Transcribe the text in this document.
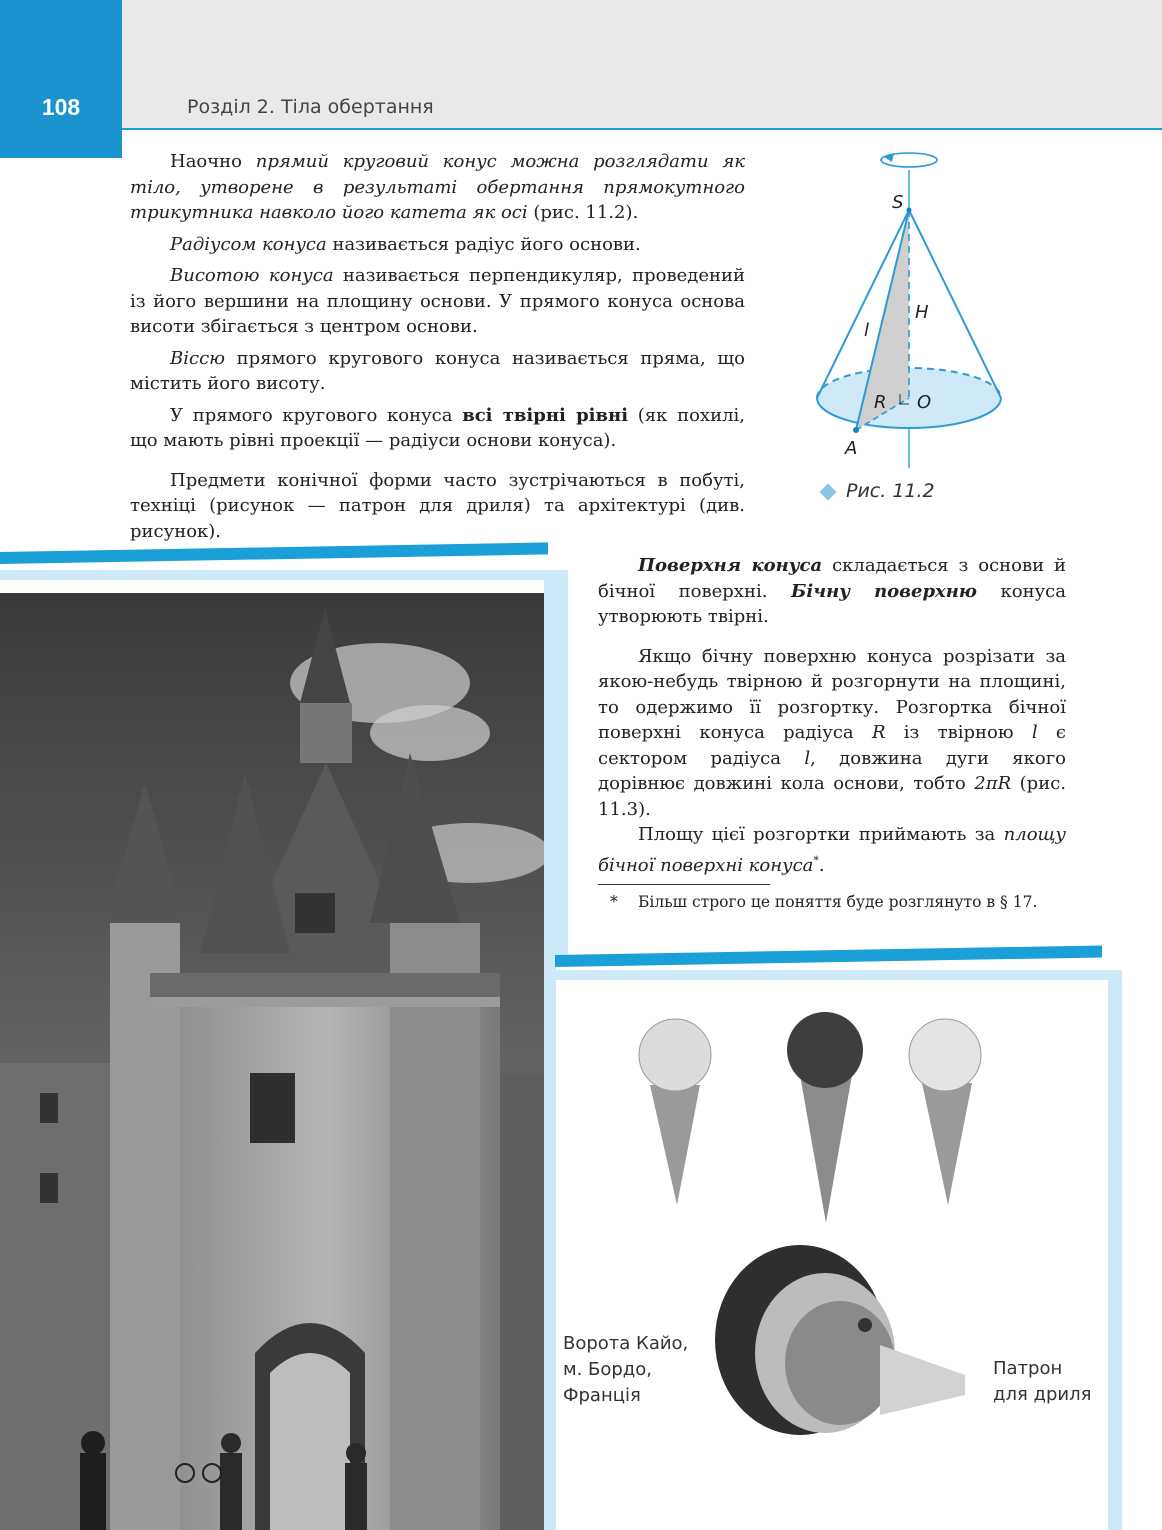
108	Розділ 2. Тіла обертання

Наочно прямий круговий конус можна розглядати як тіло, утворене в результаті обертання прямокутного трикутника навколо його катета як осі (рис. 11.2).

Радіусом конуса називається радіус його основи.

Висотою конуса називається перпендикуляр, проведений із його вершини на площину основи. У прямого конуса основа висоти збігається з центром основи.

Віссю прямого кругового конуса називається пряма, що містить його висоту.

У прямого кругового конуса всі твірні рівні (як похилі, що мають рівні проекції — радіуси основи конуса).

Предмети конічної форми часто зустрічаються в побуті, техніці (рисунок — патрон для дриля) та архітектурі (див. рисунок).

S
H
l
R O
A
Рис. 11.2

Поверхня конуса складається з основи й бічної поверхні. Бічну поверхню конуса утворюють твірні.

Якщо бічну поверхню конуса розрізати за якою-небудь твірною й розгорнути на площині, то одержимо її розгортку. Розгортка бічної поверхні конуса радіуса R із твірною l є сектором радіуса l, довжина дуги якого дорівнює довжині кола основи, тобто 2πR (рис. 11.3).

Площу цієї розгортки приймають за площу бічної поверхні конуса*.

* Більш строго це поняття буде розглянуто в § 17.
Ворота Кайо,
м. Бордо,
Франція
Патрон
для дриля
